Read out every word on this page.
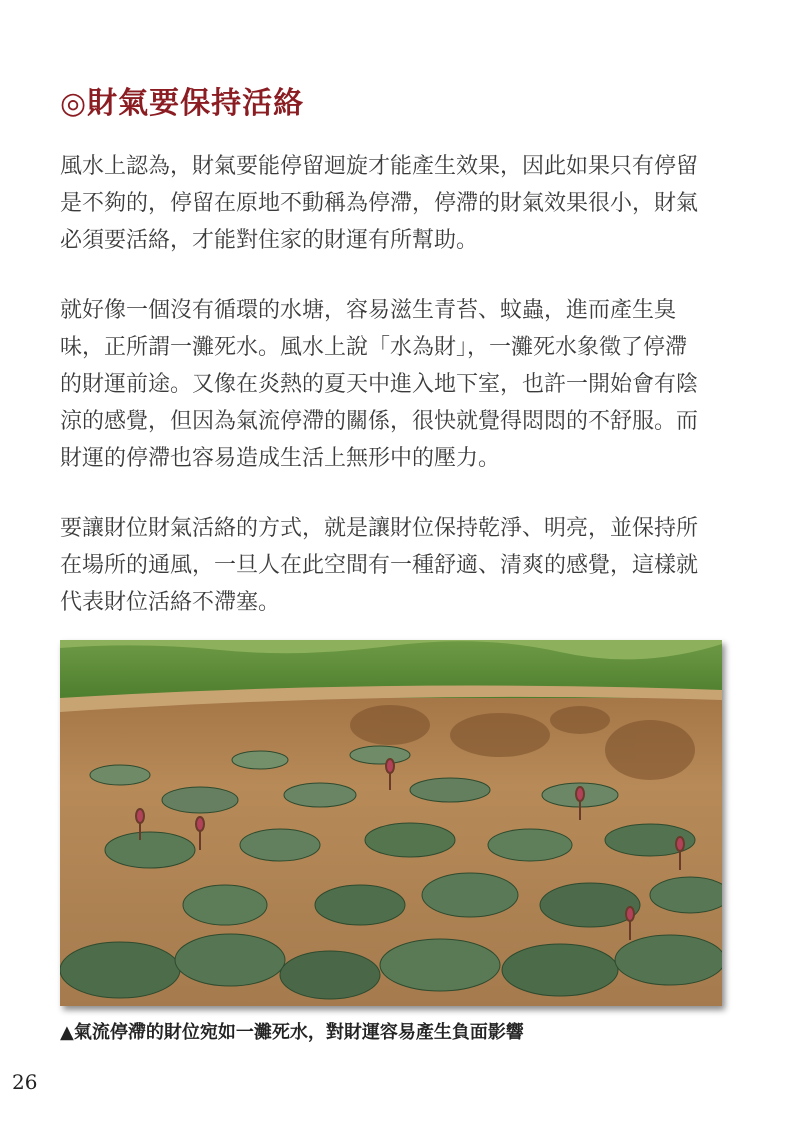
◎財氣要保持活絡
風水上認為，財氣要能停留迴旋才能產生效果，因此如果只有停留
是不夠的，停留在原地不動稱為停滯，停滯的財氣效果很小，財氣
必須要活絡，才能對住家的財運有所幫助。
就好像一個沒有循環的水塘，容易滋生青苔、蚊蟲，進而產生臭
味，正所謂一灘死水。風水上說「水為財」，一灘死水象徵了停滯
的財運前途。又像在炎熱的夏天中進入地下室，也許一開始會有陰
涼的感覺，但因為氣流停滯的關係，很快就覺得悶悶的不舒服。而
財運的停滯也容易造成生活上無形中的壓力。
要讓財位財氣活絡的方式，就是讓財位保持乾淨、明亮，並保持所
在場所的通風，一旦人在此空間有一種舒適、清爽的感覺，這樣就
代表財位活絡不滯塞。
▲氣流停滯的財位宛如一灘死水，對財運容易產生負面影響
26
